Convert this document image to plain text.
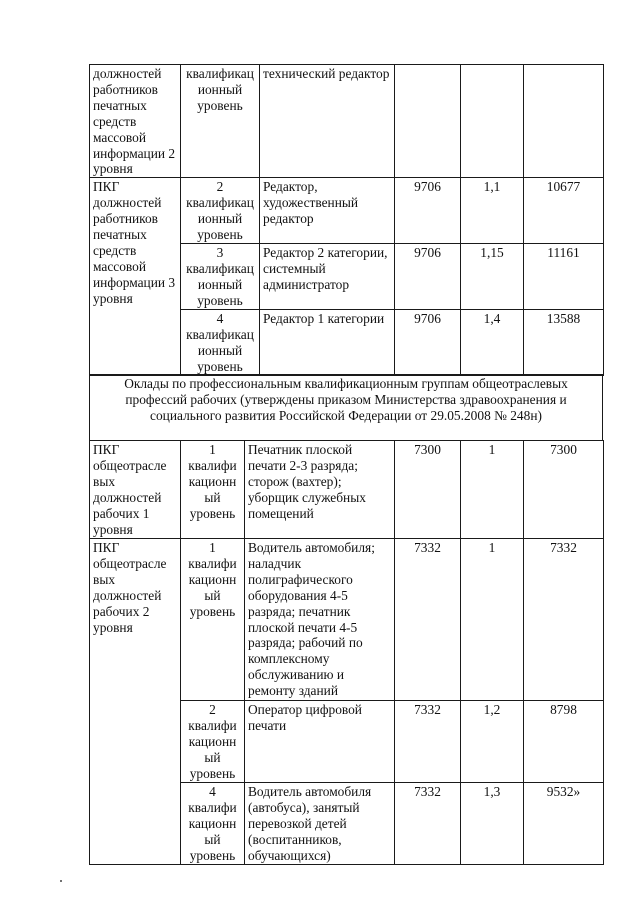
должностей работников печатных средств массовой информации 2 уровня	квалификац ионный уровень	технический редактор			
ПКГ должностей работников печатных средств массовой информации 3 уровня	2 квалификац ионный уровень	Редактор, художественный редактор	9706	1,1	10677
	3 квалификац ионный уровень	Редактор 2 категории, системный администратор	9706	1,15	11161
	4 квалификац ионный уровень	Редактор 1 категории	9706	1,4	13588
Оклады по профессиональным квалификационным группам общеотраслевых профессий рабочих (утверждены приказом Министерства здравоохранения и социального развития Российской Федерации от 29.05.2008 № 248н)
ПКГ общеотрасле вых должностей рабочих 1 уровня	1 квалифи кационн ый уровень	Печатник плоской печати 2-3 разряда; сторож (вахтер); уборщик служебных помещений	7300	1	7300
ПКГ общеотрасле вых должностей рабочих 2 уровня	1 квалифи кационн ый уровень	Водитель автомобиля; наладчик полиграфического оборудования 4-5 разряда; печатник плоской печати 4-5 разряда; рабочий по комплексному обслуживанию и ремонту зданий	7332	1	7332
	2 квалифи кационн ый уровень	Оператор цифровой печати	7332	1,2	8798
	4 квалифи кационн ый уровень	Водитель автомобиля (автобуса), занятый перевозкой детей (воспитанников, обучающихся)	7332	1,3	9532»
